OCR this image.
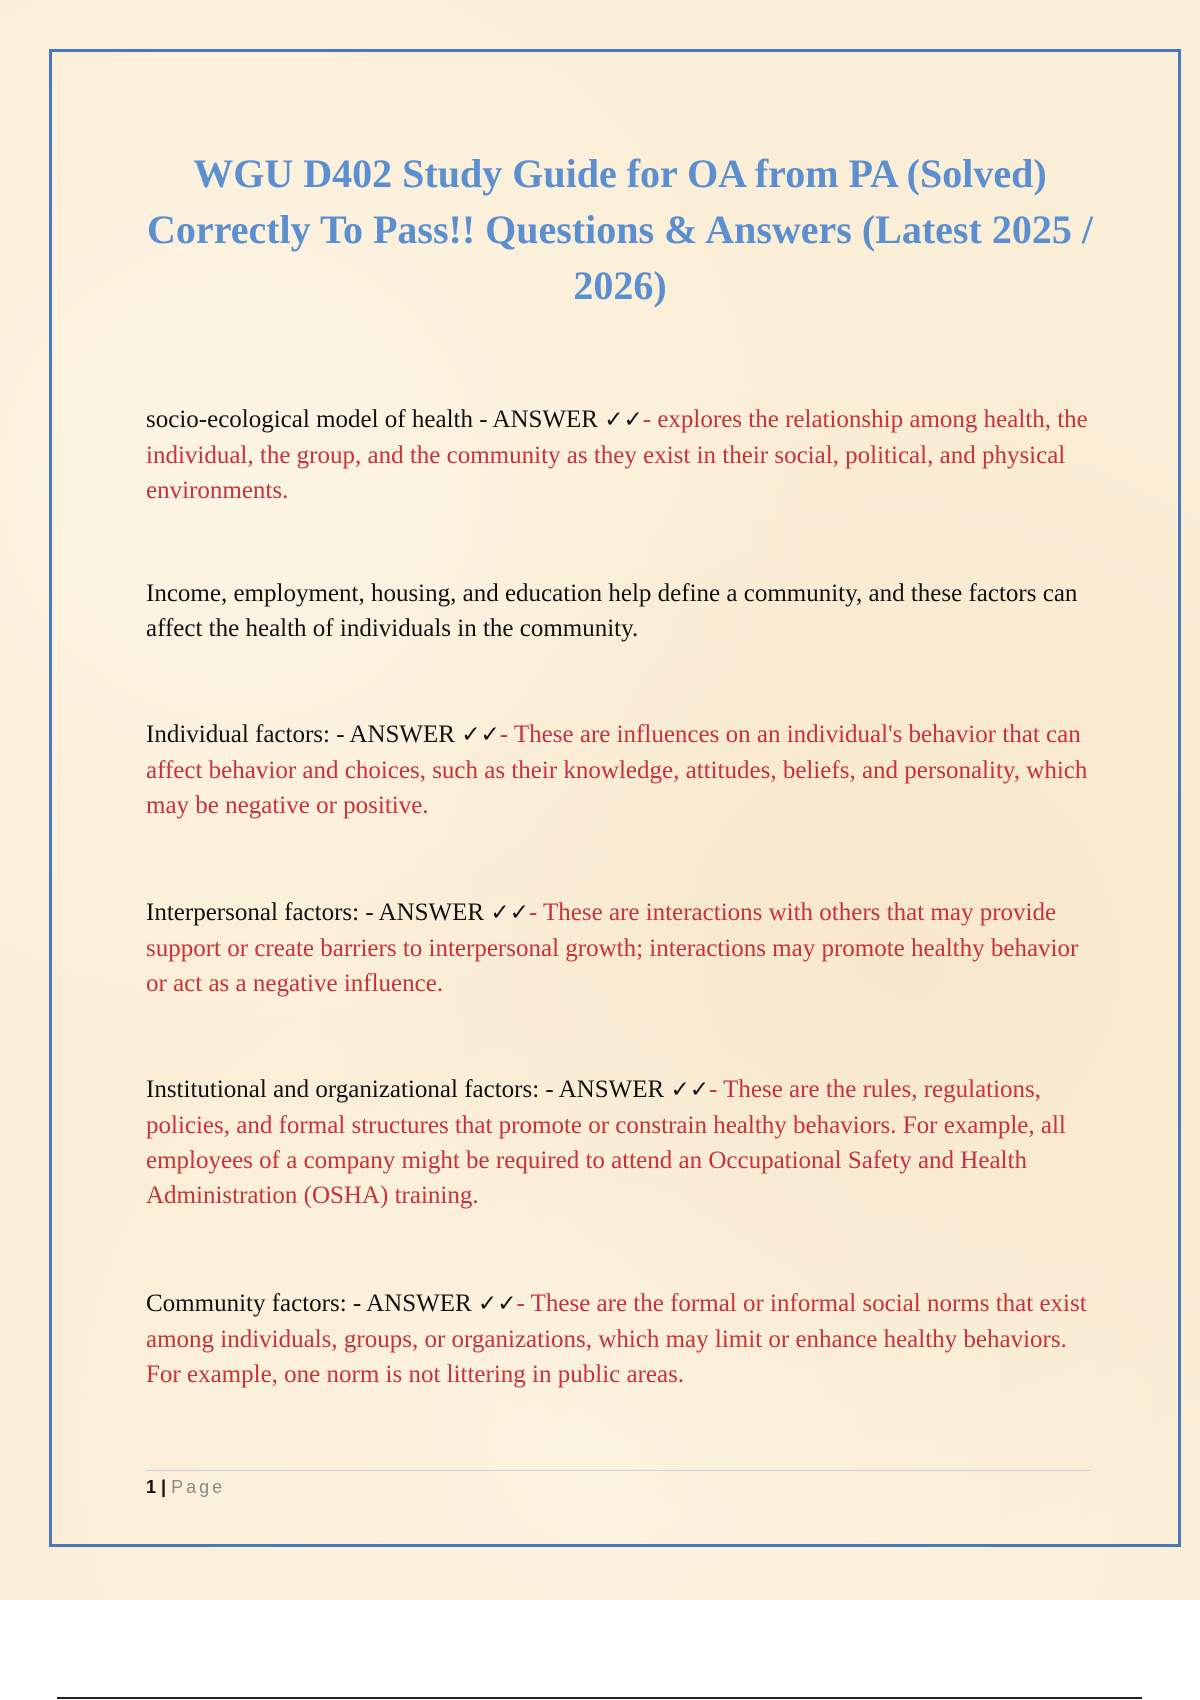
WGU D402 Study Guide for OA from PA (Solved) Correctly To Pass!! Questions & Answers (Latest 2025 / 2026)

socio-ecological model of health - ANSWER ✓✓- explores the relationship among health, the individual, the group, and the community as they exist in their social, political, and physical environments.

Income, employment, housing, and education help define a community, and these factors can affect the health of individuals in the community.

Individual factors: - ANSWER ✓✓- These are influences on an individual's behavior that can affect behavior and choices, such as their knowledge, attitudes, beliefs, and personality, which may be negative or positive.

Interpersonal factors: - ANSWER ✓✓- These are interactions with others that may provide support or create barriers to interpersonal growth; interactions may promote healthy behavior or act as a negative influence.

Institutional and organizational factors: - ANSWER ✓✓- These are the rules, regulations, policies, and formal structures that promote or constrain healthy behaviors. For example, all employees of a company might be required to attend an Occupational Safety and Health Administration (OSHA) training.

Community factors: - ANSWER ✓✓- These are the formal or informal social norms that exist among individuals, groups, or organizations, which may limit or enhance healthy behaviors. For example, one norm is not littering in public areas.

1 | Page
